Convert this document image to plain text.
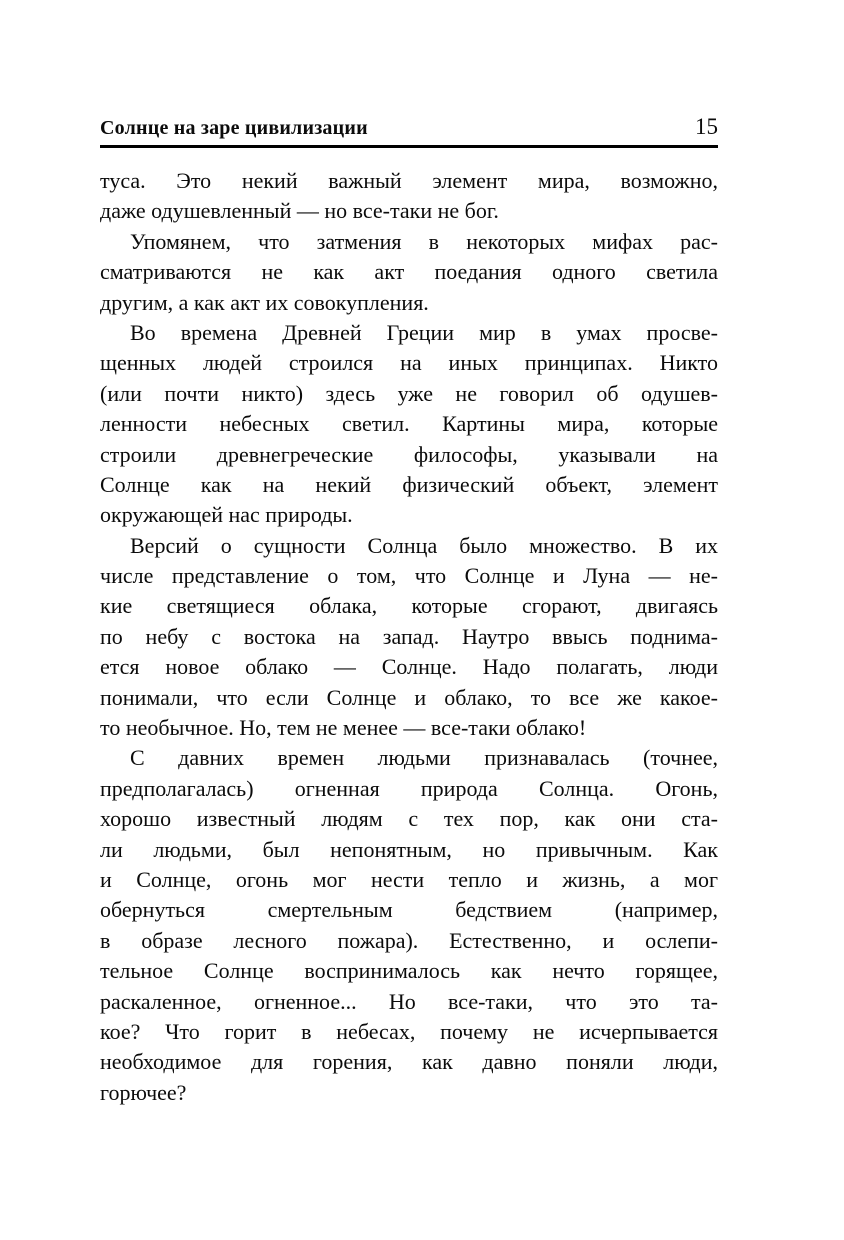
Солнце на заре цивилизации	15
туса. Это некий важный элемент мира, возможно,
даже одушевленный — но все-таки не бог.
Упомянем, что затмения в некоторых мифах рас-
сматриваются не как акт поедания одного светила
другим, а как акт их совокупления.
Во времена Древней Греции мир в умах просве-
щенных людей строился на иных принципах. Никто
(или почти никто) здесь уже не говорил об одушев-
ленности небесных светил. Картины мира, которые
строили древнегреческие философы, указывали на
Солнце как на некий физический объект, элемент
окружающей нас природы.
Версий о сущности Солнца было множество. В их
числе представление о том, что Солнце и Луна — не-
кие светящиеся облака, которые сгорают, двигаясь
по небу с востока на запад. Наутро ввысь поднима-
ется новое облако — Солнце. Надо полагать, люди
понимали, что если Солнце и облако, то все же какое-
то необычное. Но, тем не менее — все-таки облако!
С давних времен людьми признавалась (точнее,
предполагалась) огненная природа Солнца. Огонь,
хорошо известный людям с тех пор, как они ста-
ли людьми, был непонятным, но привычным. Как
и Солнце, огонь мог нести тепло и жизнь, а мог
обернуться смертельным бедствием (например,
в образе лесного пожара). Естественно, и ослепи-
тельное Солнце воспринималось как нечто горящее,
раскаленное, огненное... Но все-таки, что это та-
кое? Что горит в небесах, почему не исчерпывается
необходимое для горения, как давно поняли люди,
горючее?
